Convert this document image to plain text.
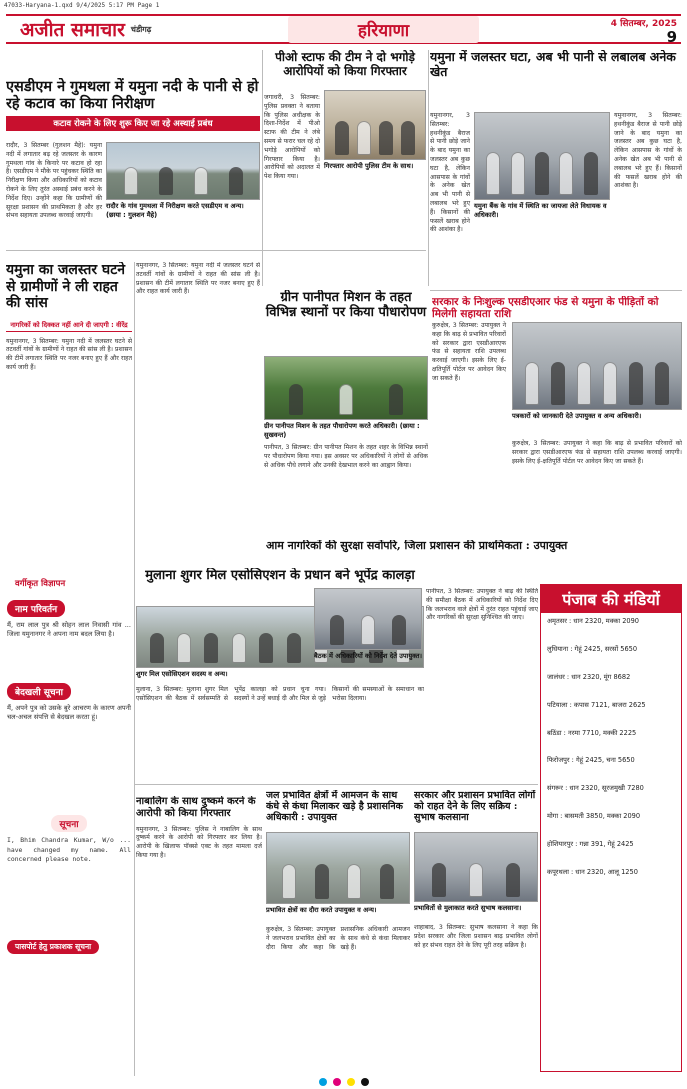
47033-Haryana-1.qxd 9/4/2025 5:17 PM Page 1
अजीत समाचार चंडीगढ़	हरियाणा	4 सितम्बर, 2025
9
एसडीएम ने गुमथला में यमुना नदी के पानी से हो रहे कटाव का किया निरीक्षण
कटाव रोकने के लिए शुरू किए जा रहे अस्थाई प्रबंध

रादौर, 3 सितम्बर (गुलशन मैहे): यमुना नदी में लगातार बढ़ रहे जलस्तर के कारण गुमथला गांव के किनारे पर कटाव हो रहा है। एसडीएम ने मौके पर पहुंचकर स्थिति का निरीक्षण किया और अधिकारियों को कटाव रोकने के लिए तुरंत अस्थाई प्रबंध करने के निर्देश दिए। उन्होंने कहा कि ग्रामीणों की सुरक्षा प्रशासन की प्राथमिकता है और हर संभव सहायता उपलब्ध करवाई जाएगी।

रादौर के गांव गुमथला में निरीक्षण करते एसडीएम व अन्य। (छाया : गुलशन मैहे)

पीओ स्टाफ की टीम ने दो भगोड़े आरोपियों को किया गिरफ्तार

जगाधरी, 3 सितम्बर: पुलिस प्रवक्ता ने बताया कि पुलिस अधीक्षक के दिशा-निर्देश में पीओ स्टाफ की टीम ने लंबे समय से फरार चल रहे दो भगोड़े आरोपियों को गिरफ्तार किया है। आरोपियों को अदालत में पेश किया गया।

गिरफ्तार आरोपी पुलिस टीम के साथ।

यमुना में जलस्तर घटा, अब भी पानी से लबालब अनेक खेत

यमुना बैंक के गांव में स्थिति का जायजा लेते विधायक व अधिकारी।

यमुनानगर, 3 सितम्बर: हथनीकुंड बैराज से पानी छोड़े जाने के बाद यमुना का जलस्तर अब कुछ घटा है, लेकिन आसपास के गांवों के अनेक खेत अब भी पानी से लबालब भरे हुए हैं। किसानों की फसलें खराब होने की आशंका है।

यमुनानगर, 3 सितम्बर: हथनीकुंड बैराज से पानी छोड़े जाने के बाद यमुना का जलस्तर अब कुछ घटा है, लेकिन आसपास के गांवों के अनेक खेत अब भी पानी से लबालब भरे हुए हैं। किसानों की फसलें खराब होने की आशंका है।

यमुना का जलस्तर घटने से ग्रामीणों ने ली राहत की सांस
नागरिकों को दिक्कत नहीं आने दी जाएगी : वीरेंद्र

यमुनानगर, 3 सितम्बर: यमुना नदी में जलस्तर घटने से तटवर्ती गांवों के ग्रामीणों ने राहत की सांस ली है। प्रशासन की टीमें लगातार स्थिति पर नजर बनाए हुए हैं और राहत कार्य जारी हैं।

यमुनानगर, 3 सितम्बर: यमुना नदी में जलस्तर घटने से तटवर्ती गांवों के ग्रामीणों ने राहत की सांस ली है। प्रशासन की टीमें लगातार स्थिति पर नजर बनाए हुए हैं और राहत कार्य जारी हैं।	ग्रीन पानीपत मिशन के तहत विभिन्न स्थानों पर किया पौधारोपण

ग्रीन पानीपत मिशन के तहत पौधारोपण करते अधिकारी। (छाया : सुखवन्त)

पानीपत, 3 सितम्बर: ग्रीन पानीपत मिशन के तहत शहर के विभिन्न स्थानों पर पौधारोपण किया गया। इस अवसर पर अधिकारियों ने लोगों से अधिक से अधिक पौधे लगाने और उनकी देखभाल करने का आह्वान किया।

सरकार के निःशुल्क एसडीएआर फंड से यमुना के पीड़ितों को मिलेगी सहायता राशि

कुरुक्षेत्र, 3 सितम्बर: उपायुक्त ने कहा कि बाढ़ से प्रभावित परिवारों को सरकार द्वारा एसडीआरएफ फंड से सहायता राशि उपलब्ध करवाई जाएगी। इसके लिए ई-क्षतिपूर्ति पोर्टल पर आवेदन किए जा सकते हैं।

पत्रकारों को जानकारी देते उपायुक्त व अन्य अधिकारी।

कुरुक्षेत्र, 3 सितम्बर: उपायुक्त ने कहा कि बाढ़ से प्रभावित परिवारों को सरकार द्वारा एसडीआरएफ फंड से सहायता राशि उपलब्ध करवाई जाएगी। इसके लिए ई-क्षतिपूर्ति पोर्टल पर आवेदन किए जा सकते हैं।

वर्गीकृत विज्ञापन
नाम परिवर्तन

मैं, राम लाल पुत्र श्री सोहन लाल निवासी गांव ... जिला यमुनानगर ने अपना नाम बदल लिया है।

बेदखली सूचना

मैं, अपने पुत्र को उसके बुरे आचरण के कारण अपनी चल-अचल संपत्ति से बेदखल करता हूं।

सूचना

I, Bhim Chandra Kumar, W/o ... have changed my name. All concerned please note.

पासपोर्ट हेतु प्रकाशक सूचना
मुलाना शुगर मिल एसोसिएशन के प्रधान बने भूपेंद्र कालड़ा

शुगर मिल एसोसिएशन सदस्य व अन्य।

मुलाना, 3 सितम्बर: मुलाना शुगर मिल एसोसिएशन की बैठक में सर्वसम्मति से भूपेंद्र कालड़ा को प्रधान चुना गया। सदस्यों ने उन्हें बधाई दी और मिल से जुड़े किसानों की समस्याओं के समाधान का भरोसा दिलाया।

आम नागरिकों की सुरक्षा सर्वोपरि, जिला प्रशासन की प्राथमिकता : उपायुक्त

बैठक में अधिकारियों को निर्देश देते उपायुक्त।

पानीपत, 3 सितम्बर: उपायुक्त ने बाढ़ की स्थिति की समीक्षा बैठक में अधिकारियों को निर्देश दिए कि जलभराव वाले क्षेत्रों में तुरंत राहत पहुंचाई जाए और नागरिकों की सुरक्षा सुनिश्चित की जाए।

पंजाब की मंडियों

अमृतसर : धान 2320, मक्का 2090

लुधियाना : गेहूं 2425, सरसों 5650

जालंधर : धान 2320, मूंग 8682

पटियाला : कपास 7121, बाजरा 2625

बठिंडा : नरमा 7710, मक्की 2225

फिरोजपुर : गेहूं 2425, चना 5650

संगरूर : धान 2320, सूरजमुखी 7280

मोगा : बासमती 3850, मक्का 2090

होशियारपुर : गन्ना 391, गेहूं 2425

कपूरथला : धान 2320, आलू 1250

नाबालिग के साथ दुष्कर्म करने के आरोपी को किया गिरफ्तार

यमुनानगर, 3 सितम्बर: पुलिस ने नाबालिग के साथ दुष्कर्म करने के आरोपी को गिरफ्तार कर लिया है। आरोपी के खिलाफ पॉक्सो एक्ट के तहत मामला दर्ज किया गया है।

जल प्रभावित क्षेत्रों में आमजन के साथ कंधे से कंधा मिलाकर खड़े है प्रशासनिक अधिकारी : उपायुक्त

प्रभावित क्षेत्रों का दौरा करते उपायुक्त व अन्य।

कुरुक्षेत्र, 3 सितम्बर: उपायुक्त ने जलभराव प्रभावित क्षेत्रों का दौरा किया और कहा कि प्रशासनिक अधिकारी आमजन के साथ कंधे से कंधा मिलाकर खड़े हैं।

सरकार और प्रशासन प्रभावित लोगों को राहत देने के लिए सक्रिय : सुभाष कलसाना

प्रभावितों से मुलाकात करते सुभाष कलसाना।

शाहाबाद, 3 सितम्बर: सुभाष कलसाना ने कहा कि प्रदेश सरकार और जिला प्रशासन बाढ़ प्रभावित लोगों को हर संभव राहत देने के लिए पूरी तरह सक्रिय है।
